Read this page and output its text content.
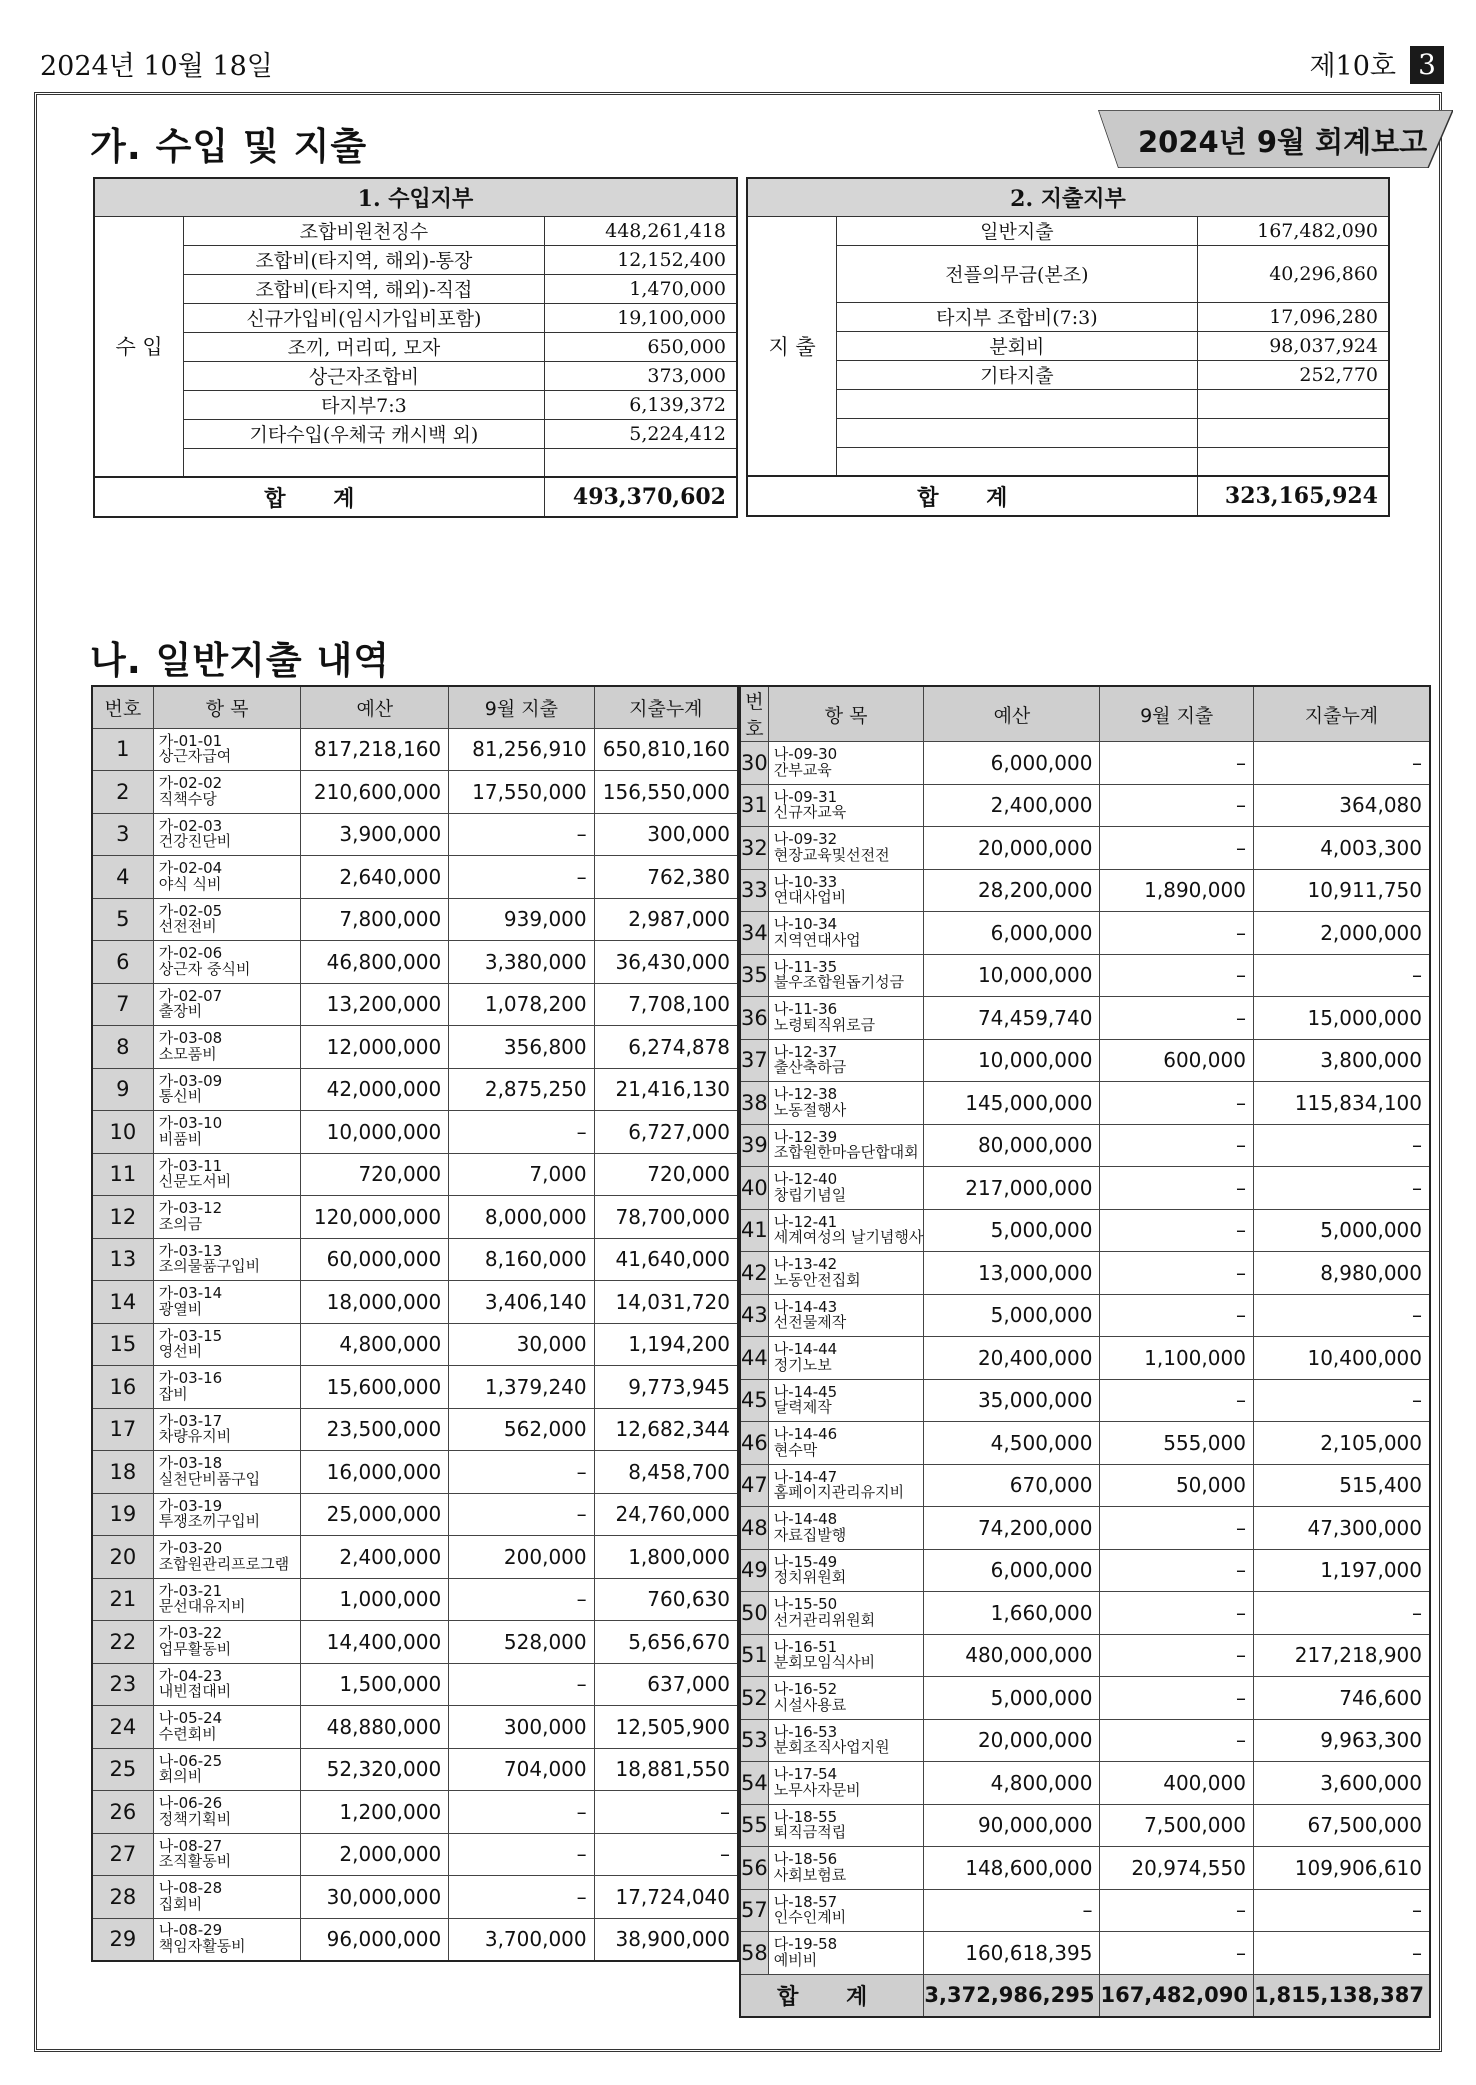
2024년 10월 18일	제10호 3
2024년 9월 회계보고
가. 수입 및 지출
1. 수입지부		
수 입	조합비원천징수	448,261,418
	조합비(타지역, 해외)-통장	12,152,400
	조합비(타지역, 해외)-직접	1,470,000
	신규가입비(임시가입비포함)	19,100,000
	조끼, 머리띠, 모자	650,000
	상근자조합비	373,000
	타지부7:3	6,139,372
	기타수입(우체국 캐시백 외)	5,224,412

합 계		493,370,602
2. 지출지부		
지 출	일반지출	167,482,090
	전플의무금(본조)	40,296,860
	타지부 조합비(7:3)	17,096,280
	분회비	98,037,924
	기타지출	252,770

합 계		323,165,924
나. 일반지출 내역
번호	항 목	예산	9월 지출	지출누계
1	가-01-01
상근자급여	817,218,160	81,256,910	650,810,160
2	가-02-02
직책수당	210,600,000	17,550,000	156,550,000
3	가-02-03
건강진단비	3,900,000	–	300,000
4	가-02-04
야식 식비	2,640,000	–	762,380
5	가-02-05
선전전비	7,800,000	939,000	2,987,000
6	가-02-06
상근자 중식비	46,800,000	3,380,000	36,430,000
7	가-02-07
출장비	13,200,000	1,078,200	7,708,100
8	가-03-08
소모품비	12,000,000	356,800	6,274,878
9	가-03-09
통신비	42,000,000	2,875,250	21,416,130
10	가-03-10
비품비	10,000,000	–	6,727,000
11	가-03-11
신문도서비	720,000	7,000	720,000
12	가-03-12
조의금	120,000,000	8,000,000	78,700,000
13	가-03-13
조의물품구입비	60,000,000	8,160,000	41,640,000
14	가-03-14
광열비	18,000,000	3,406,140	14,031,720
15	가-03-15
영선비	4,800,000	30,000	1,194,200
16	가-03-16
잡비	15,600,000	1,379,240	9,773,945
17	가-03-17
차량유지비	23,500,000	562,000	12,682,344
18	가-03-18
실천단비품구입	16,000,000	–	8,458,700
19	가-03-19
투쟁조끼구입비	25,000,000	–	24,760,000
20	가-03-20
조합원관리프로그램	2,400,000	200,000	1,800,000
21	가-03-21
문선대유지비	1,000,000	–	760,630
22	가-03-22
업무활동비	14,400,000	528,000	5,656,670
23	가-04-23
내빈접대비	1,500,000	–	637,000
24	나-05-24
수련회비	48,880,000	300,000	12,505,900
25	나-06-25
회의비	52,320,000	704,000	18,881,550
26	나-06-26
정책기획비	1,200,000	–	–
27	나-08-27
조직활동비	2,000,000	–	–
28	나-08-28
집회비	30,000,000	–	17,724,040
29	나-08-29
책임자활동비	96,000,000	3,700,000	38,900,000
번호	항 목	예산	9월 지출	지출누계
30	나-09-30
간부교육	6,000,000	–	–
31	나-09-31
신규자교육	2,400,000	–	364,080
32	나-09-32
현장교육및선전전	20,000,000	–	4,003,300
33	나-10-33
연대사업비	28,200,000	1,890,000	10,911,750
34	나-10-34
지역연대사업	6,000,000	–	2,000,000
35	나-11-35
불우조합원돕기성금	10,000,000	–	–
36	나-11-36
노령퇴직위로금	74,459,740	–	15,000,000
37	나-12-37
출산축하금	10,000,000	600,000	3,800,000
38	나-12-38
노동절행사	145,000,000	–	115,834,100
39	나-12-39
조합원한마음단합대회	80,000,000	–	–
40	나-12-40
창립기념일	217,000,000	–	–
41	나-12-41
세계여성의 날기념행사	5,000,000	–	5,000,000
42	나-13-42
노동안전집회	13,000,000	–	8,980,000
43	나-14-43
선전물제작	5,000,000	–	–
44	나-14-44
정기노보	20,400,000	1,100,000	10,400,000
45	나-14-45
달력제작	35,000,000	–	–
46	나-14-46
현수막	4,500,000	555,000	2,105,000
47	나-14-47
홈페이지관리유지비	670,000	50,000	515,400
48	나-14-48
자료집발행	74,200,000	–	47,300,000
49	나-15-49
정치위원회	6,000,000	–	1,197,000
50	나-15-50
선거관리위원회	1,660,000	–	–
51	나-16-51
분회모임식사비	480,000,000	–	217,218,900
52	나-16-52
시설사용료	5,000,000	–	746,600
53	나-16-53
분회조직사업지원	20,000,000	–	9,963,300
54	나-17-54
노무사자문비	4,800,000	400,000	3,600,000
55	나-18-55
퇴직금적립	90,000,000	7,500,000	67,500,000
56	나-18-56
사회보험료	148,600,000	20,974,550	109,906,610
57	나-18-57
인수인계비	–	–	–
58	다-19-58
예비비	160,618,395	–	–
합 계		3,372,986,295	167,482,090	1,815,138,387
